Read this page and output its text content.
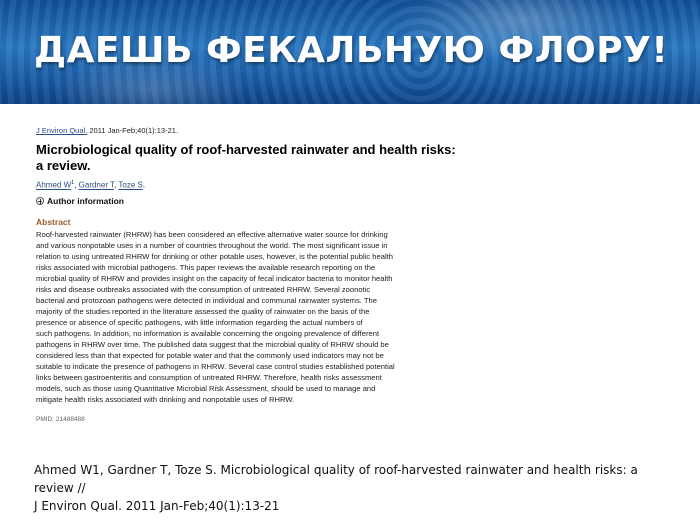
ДАЕШЬ ФЕКАЛЬНУЮ ФЛОРУ!
J Environ Qual. 2011 Jan-Feb;40(1):13-21.
Microbiological quality of roof-harvested rainwater and health risks: a review.
Ahmed $W^1$, Gardner T, Toze S.
Author information
Abstract
Roof-harvested rainwater (RHRW) has been considered an effective alternative water source for drinking
and various nonpotable uses in a number of countries throughout the world. The most significant issue in
relation to using untreated RHRW for drinking or other potable uses, however, is the potential public health
risks associated with microbial pathogens. This paper reviews the available research reporting on the
microbial quality of RHRW and provides insight on the capacity of fecal indicator bacteria to monitor health
risks and disease outbreaks associated with the consumption of untreated RHRW. Several zoonotic
bacterial and protozoan pathogens were detected in individual and communal rainwater systems. The
majority of the studies reported in the literature assessed the quality of rainwater on the basis of the
presence or absence of specific pathogens, with little information regarding the actual numbers of
such pathogens. In addition, no information is available concerning the ongoing prevalence of different
pathogens in RHRW over time. The published data suggest that the microbial quality of RHRW should be
considered less than that expected for potable water and that the commonly used indicators may not be
suitable to indicate the presence of pathogens in RHRW. Several case control studies established potential
links between gastroenteritis and consumption of untreated RHRW. Therefore, health risks assessment
models, such as those using Quantitative Microbial Risk Assessment, should be used to manage and
mitigate health risks associated with drinking and nonpotable uses of RHRW.
PMID: 21488488
Ahmed W1, Gardner T, Toze S. Microbiological quality of roof-harvested rainwater and health risks: a review //
J Environ Qual. 2011 Jan-Feb;40(1):13-21
